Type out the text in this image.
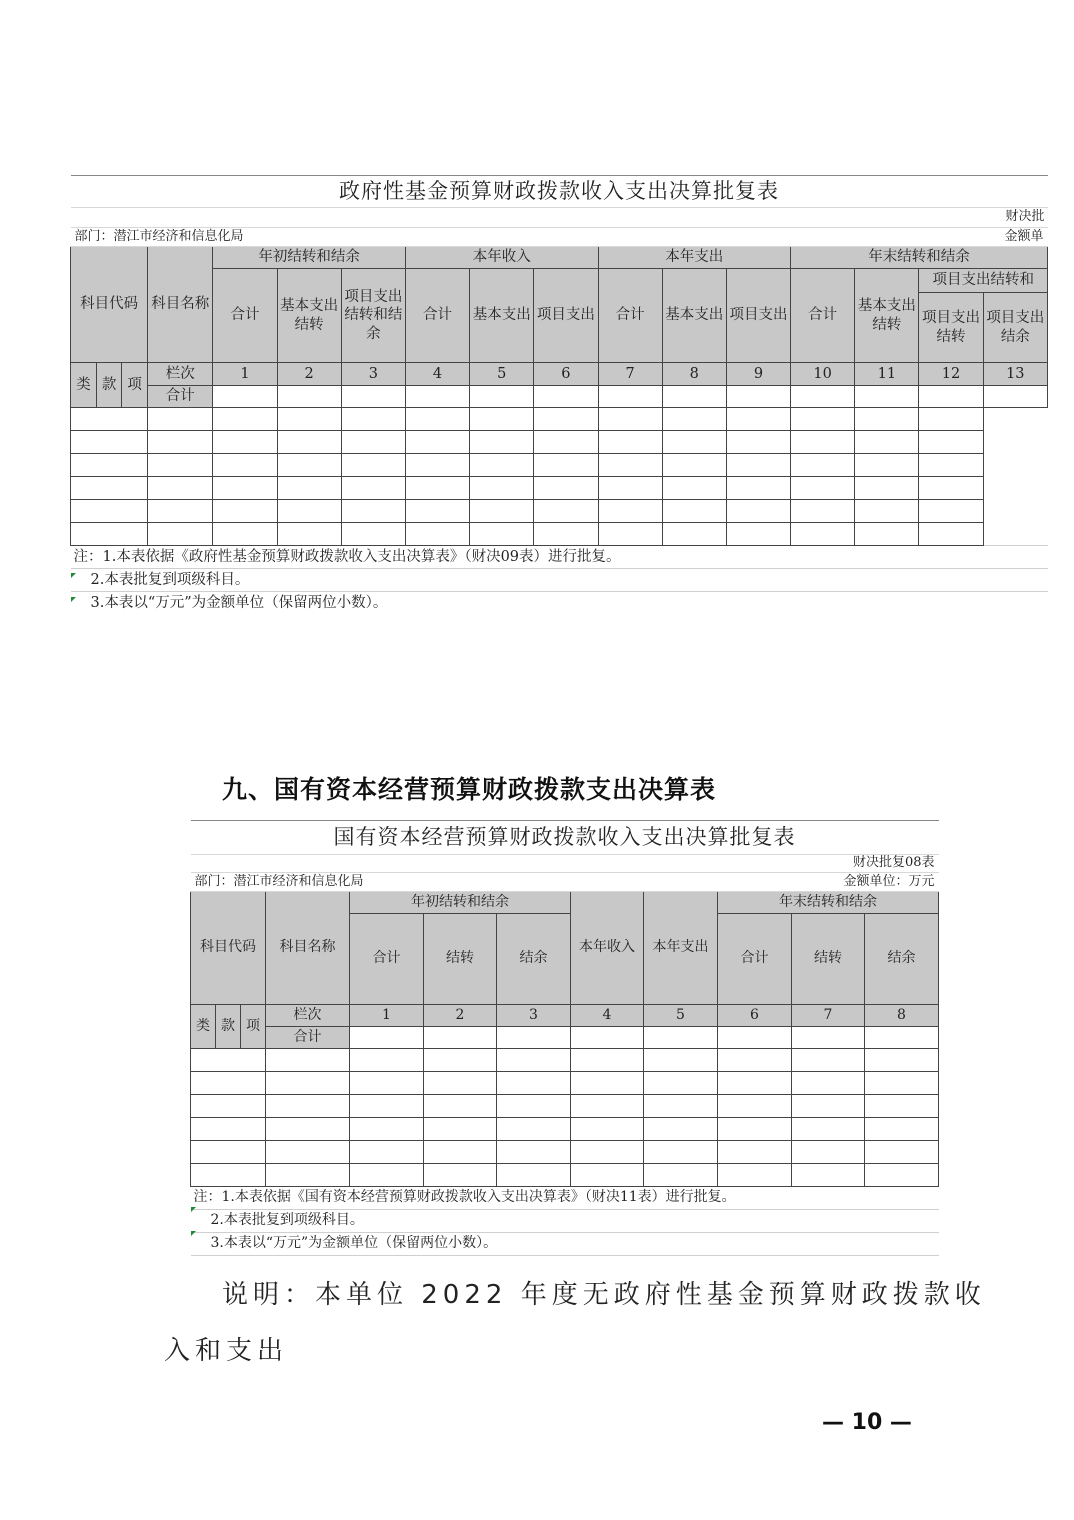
政府性基金预算财政拨款收入支出决算批复表																
财决批																
部门：潜江市经济和信息化局													金额单			
科目代码			科目名称	年初结转和结余			本年收入			本年支出			年末结转和结余			
				合计	基本支出结转	项目支出结转和结余	合计	基本支出	项目支出	合计	基本支出	项目支出	合计	基本支出结转	项目支出结转和	
															项目支出结转	项目支出结余
类	款	项	栏次	1	2	3	4	5	6	7	8	9	10	11	12	13
			合计													

注：1.本表依据《政府性基金预算财政拨款收入支出决算表》（财决09表）进行批复。																
2.本表批复到项级科目。																
3.本表以“万元”为金额单位（保留两位小数）。																
九、国有资本经营预算财政拨款支出决算表
国有资本经营预算财政拨款收入支出决算批复表											
财决批复08表											
部门：潜江市经济和信息化局								金额单位：万元			
科目代码			科目名称	年初结转和结余			本年收入	本年支出	年末结转和结余		
				合计	结转	结余			合计	结转	结余
类	款	项	栏次	1	2	3	4	5	6	7	8
			合计								

注：1.本表依据《国有资本经营预算财政拨款收入支出决算表》（财决11表）进行批复。											
2.本表批复到项级科目。											
3.本表以“万元”为金额单位（保留两位小数）。											
说明：本单位 2022 年度无政府性基金预算财政拨款收
入和支出
— 10 —
